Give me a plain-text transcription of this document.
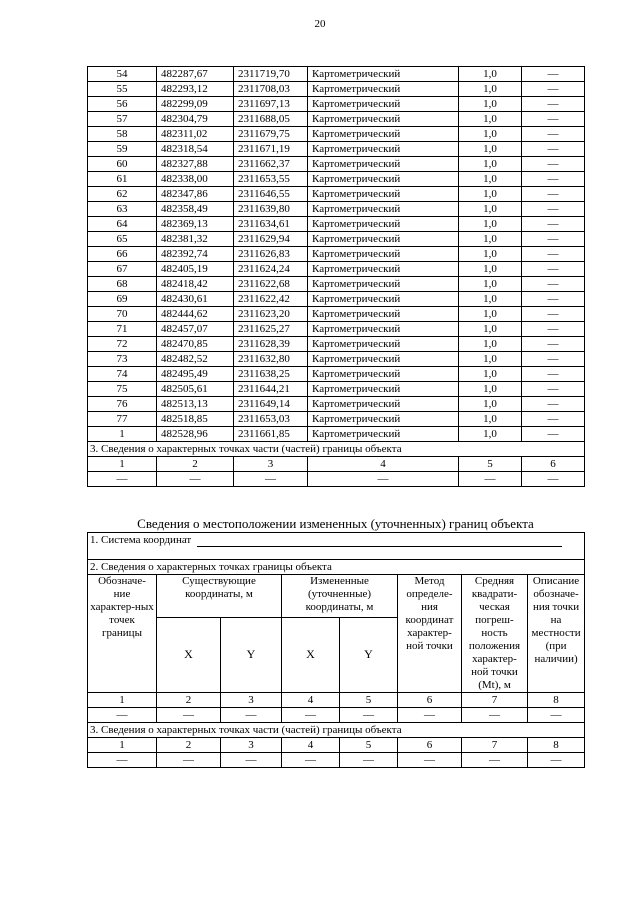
20
54	482287,67	2311719,70	Картометрический	1,0	—
55	482293,12	2311708,03	Картометрический	1,0	—
56	482299,09	2311697,13	Картометрический	1,0	—
57	482304,79	2311688,05	Картометрический	1,0	—
58	482311,02	2311679,75	Картометрический	1,0	—
59	482318,54	2311671,19	Картометрический	1,0	—
60	482327,88	2311662,37	Картометрический	1,0	—
61	482338,00	2311653,55	Картометрический	1,0	—
62	482347,86	2311646,55	Картометрический	1,0	—
63	482358,49	2311639,80	Картометрический	1,0	—
64	482369,13	2311634,61	Картометрический	1,0	—
65	482381,32	2311629,94	Картометрический	1,0	—
66	482392,74	2311626,83	Картометрический	1,0	—
67	482405,19	2311624,24	Картометрический	1,0	—
68	482418,42	2311622,68	Картометрический	1,0	—
69	482430,61	2311622,42	Картометрический	1,0	—
70	482444,62	2311623,20	Картометрический	1,0	—
71	482457,07	2311625,27	Картометрический	1,0	—
72	482470,85	2311628,39	Картометрический	1,0	—
73	482482,52	2311632,80	Картометрический	1,0	—
74	482495,49	2311638,25	Картометрический	1,0	—
75	482505,61	2311644,21	Картометрический	1,0	—
76	482513,13	2311649,14	Картометрический	1,0	—
77	482518,85	2311653,03	Картометрический	1,0	—
1	482528,96	2311661,85	Картометрический	1,0	—
3. Сведения о характерных точках части (частей) границы объекта					
1	2	3	4	5	6
—	—	—	—	—	—
Сведения о местоположении измененных (уточненных) границ объекта
1. Система координат							

2. Сведения о характерных точках границы объекта							
Обозначе-ние характер-ных точек границы	Существующие координаты, м		Измененные (уточненные) координаты, м		Метод определе-ния координат характер-ной точки	Средняя квадрати-ческая погреш-ность положения характер-ной точки (Mt), м	Описание обозначе-ния точки на местности (при наличии)
	X	Y	X	Y			
1	2	3	4	5	6	7	8
—	—	—	—	—	—	—	—
3. Сведения о характерных точках части (частей) границы объекта							
1	2	3	4	5	6	7	8
—	—	—	—	—	—	—	—
